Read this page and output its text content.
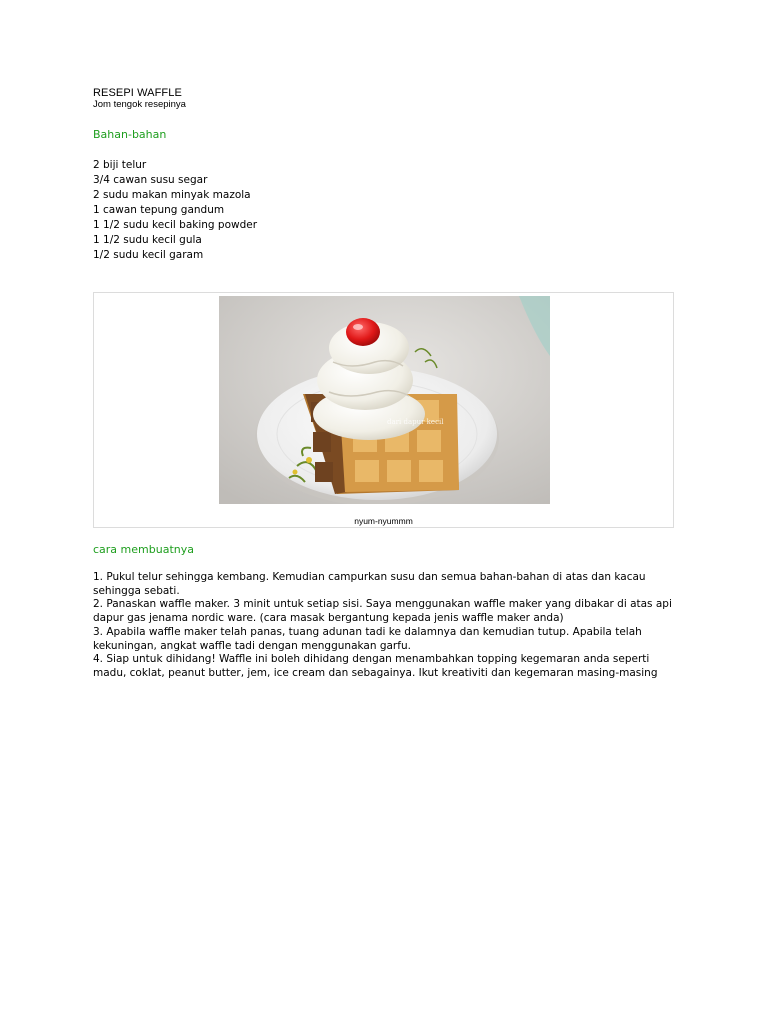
RESEPI WAFFLE

Jom tengok resepinya

Bahan-bahan
2 biji telur
3/4 cawan susu segar
2 sudu makan minyak mazola
1 cawan tepung gandum
1 1/2 sudu kecil baking powder
1 1/2 sudu kecil gula
1/2 sudu kecil garam
dari dapur kecil
nyum-nyummm
cara membuatnya
1. Pukul telur sehingga kembang. Kemudian campurkan susu dan semua bahan-bahan di atas dan kacau sehingga sebati.
2. Panaskan waffle maker. 3 minit untuk setiap sisi. Saya menggunakan waffle maker yang dibakar di atas api dapur gas jenama nordic ware. (cara masak bergantung kepada jenis waffle maker anda)
3. Apabila waffle maker telah panas, tuang adunan tadi ke dalamnya dan kemudian tutup. Apabila telah kekuningan, angkat waffle tadi dengan menggunakan garfu.
4. Siap untuk dihidang! Waffle ini boleh dihidang dengan menambahkan topping kegemaran anda seperti madu, coklat, peanut butter, jem, ice cream dan sebagainya. Ikut kreativiti dan kegemaran masing-masing
